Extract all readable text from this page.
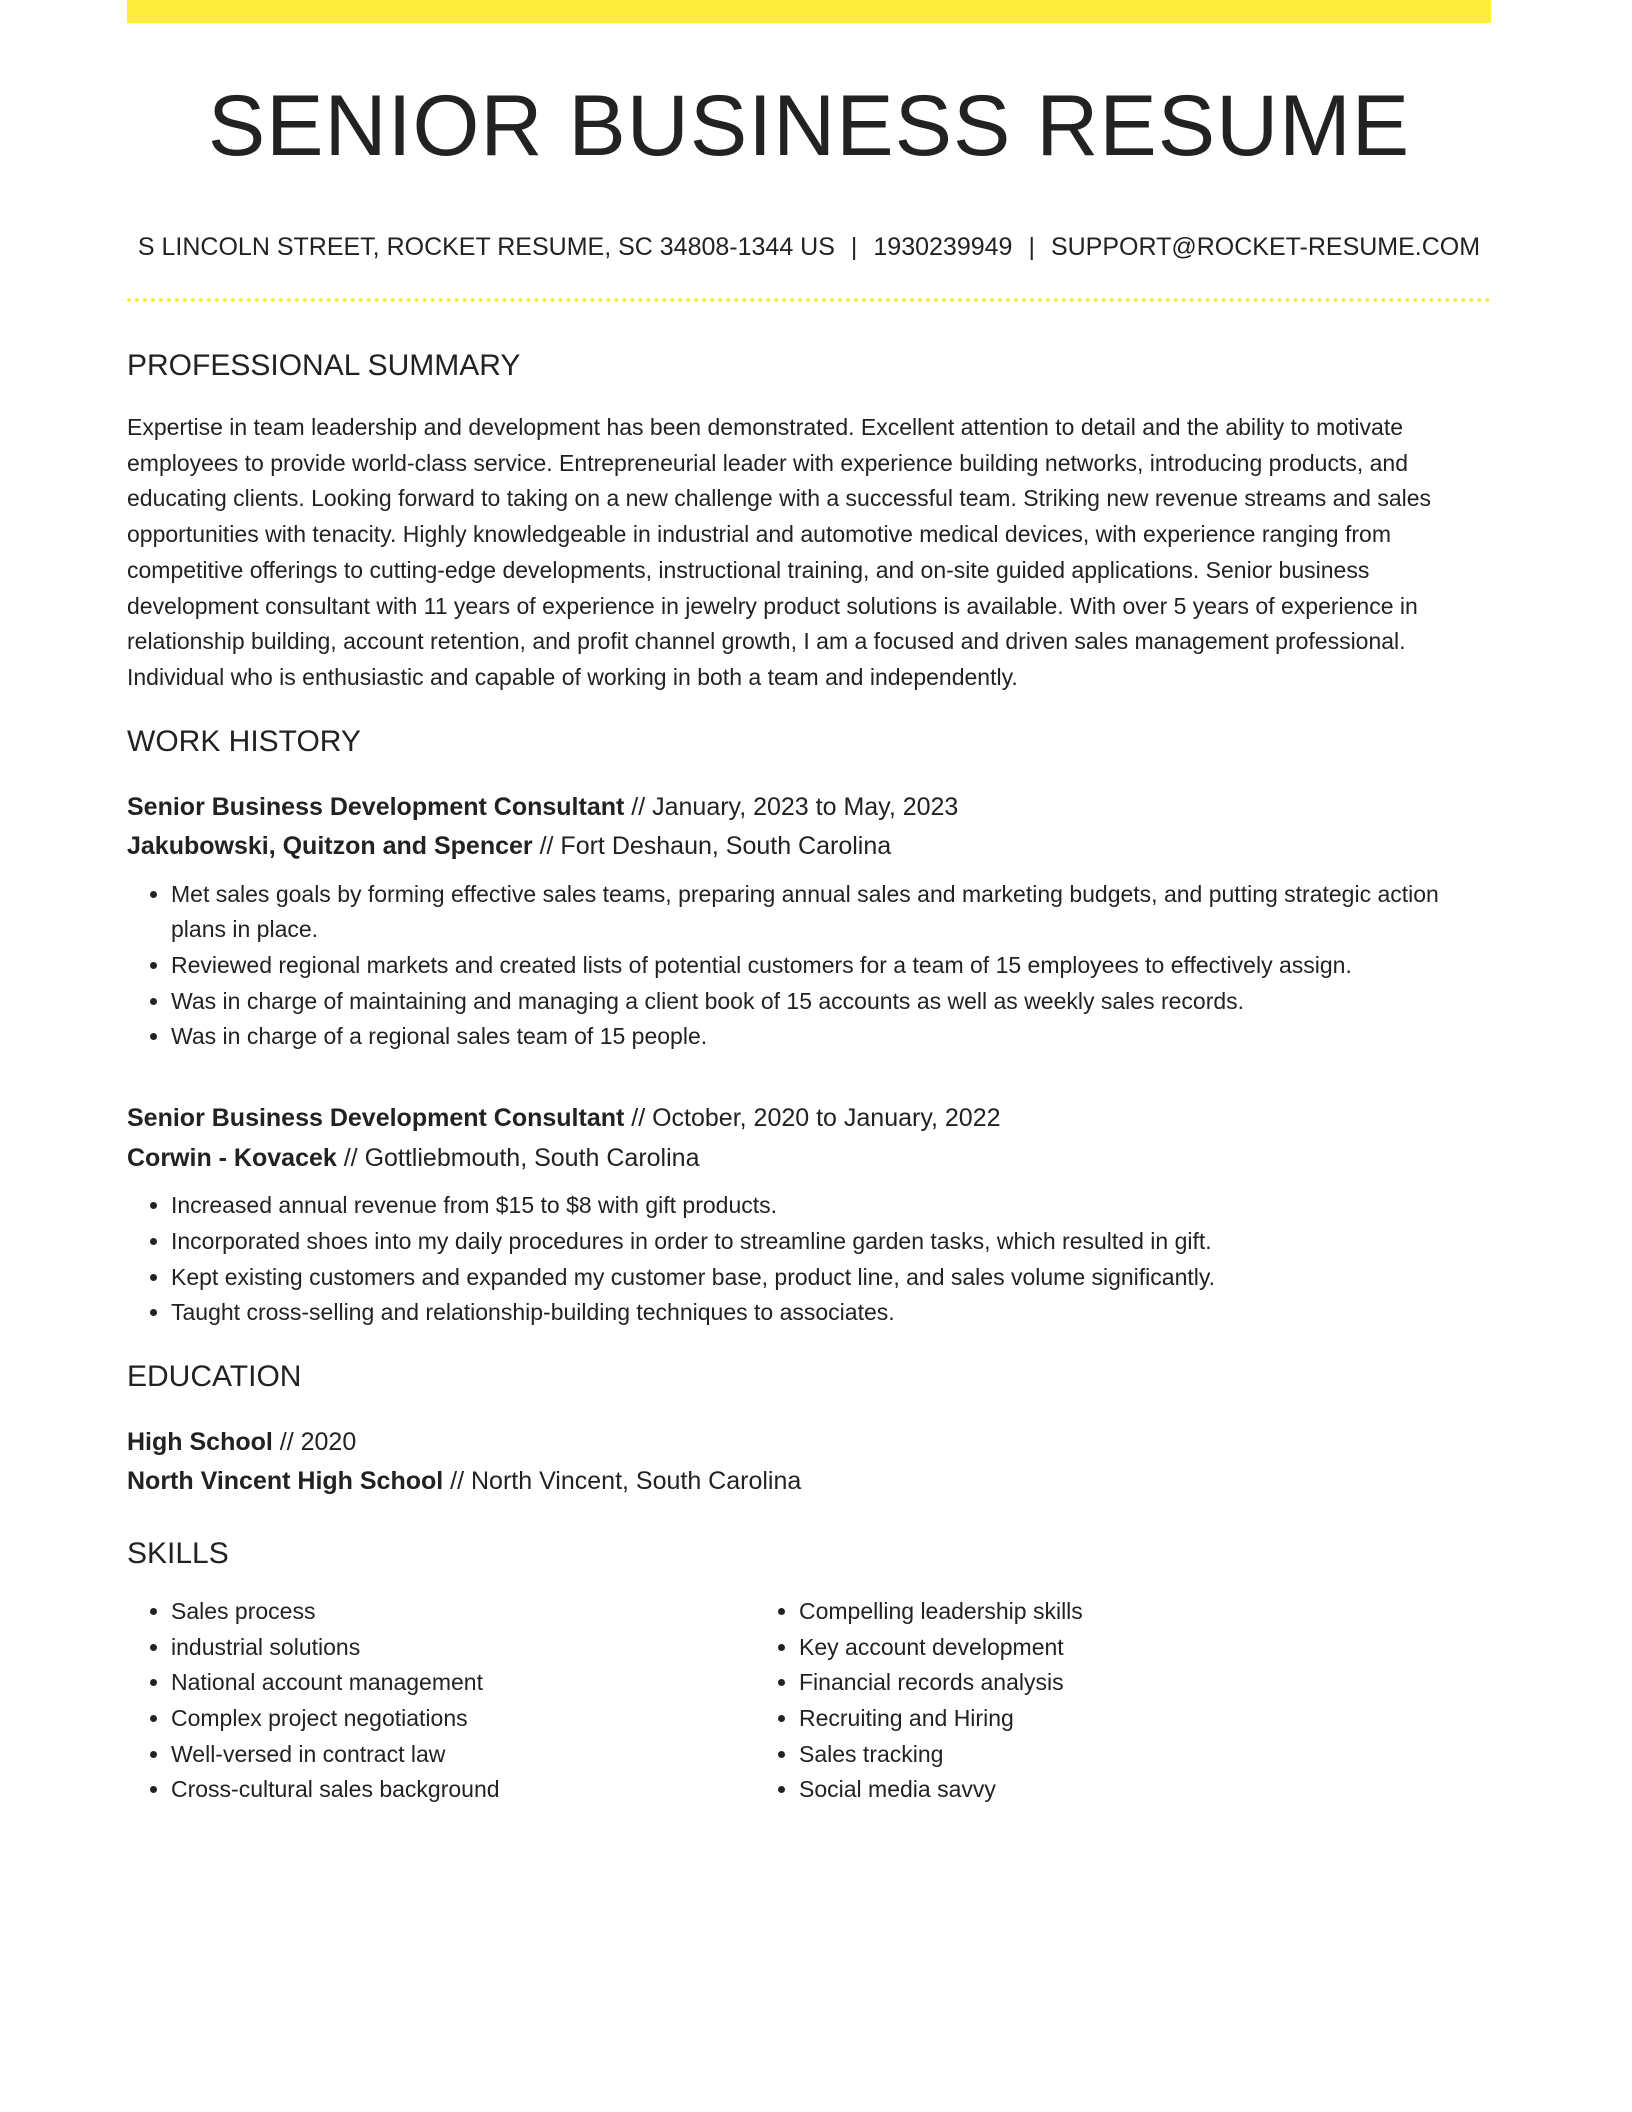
SENIOR BUSINESS RESUME
S LINCOLN STREET, ROCKET RESUME, SC 34808-1344 US | 1930239949 | SUPPORT@ROCKET-RESUME.COM
PROFESSIONAL SUMMARY

Expertise in team leadership and development has been demonstrated. Excellent attention to detail and the ability to motivate employees to provide world-class service. Entrepreneurial leader with experience building networks, introducing products, and educating clients. Looking forward to taking on a new challenge with a successful team. Striking new revenue streams and sales opportunities with tenacity. Highly knowledgeable in industrial and automotive medical devices, with experience ranging from competitive offerings to cutting-edge developments, instructional training, and on-site guided applications. Senior business development consultant with 11 years of experience in jewelry product solutions is available. With over 5 years of experience in relationship building, account retention, and profit channel growth, I am a focused and driven sales management professional. Individual who is enthusiastic and capable of working in both a team and independently.

WORK HISTORY
Senior Business Development Consultant // January, 2023 to May, 2023
Jakubowski, Quitzon and Spencer // Fort Deshaun, South Carolina
• Met sales goals by forming effective sales teams, preparing annual sales and marketing budgets, and putting strategic action plans in place.
• Reviewed regional markets and created lists of potential customers for a team of 15 employees to effectively assign.
• Was in charge of maintaining and managing a client book of 15 accounts as well as weekly sales records.
• Was in charge of a regional sales team of 15 people.
Senior Business Development Consultant // October, 2020 to January, 2022
Corwin - Kovacek // Gottliebmouth, South Carolina
• Increased annual revenue from $15 to $8 with gift products.
• Incorporated shoes into my daily procedures in order to streamline garden tasks, which resulted in gift.
• Kept existing customers and expanded my customer base, product line, and sales volume significantly.
• Taught cross-selling and relationship-building techniques to associates.
EDUCATION
High School // 2020
North Vincent High School // North Vincent, South Carolina
SKILLS
• Sales process
• industrial solutions
• National account management
• Complex project negotiations
• Well-versed in contract law
• Cross-cultural sales background
• Compelling leadership skills
• Key account development
• Financial records analysis
• Recruiting and Hiring
• Sales tracking
• Social media savvy
